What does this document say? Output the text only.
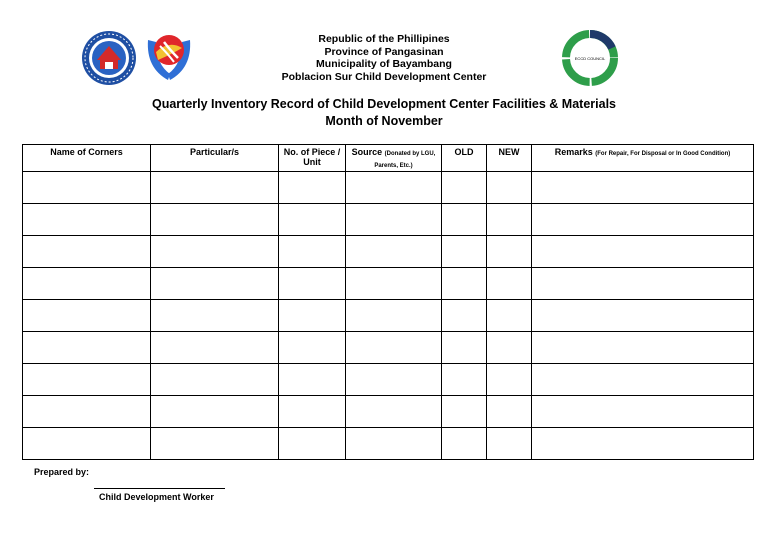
ECCD COUNCIL
Republic of the Phillipines
Province of Pangasinan
Municipality of Bayambang
Poblacion Sur Child Development Center
Quarterly Inventory Record of Child Development Center Facilities & Materials
Month of November
Name of Corners	Particular/s	No. of Piece / Unit	Source (Donated by LGU, Parents, Etc.)	OLD	NEW	Remarks (For Repair, For Disposal or In Good Condition)

Prepared by:
Child Development Worker
